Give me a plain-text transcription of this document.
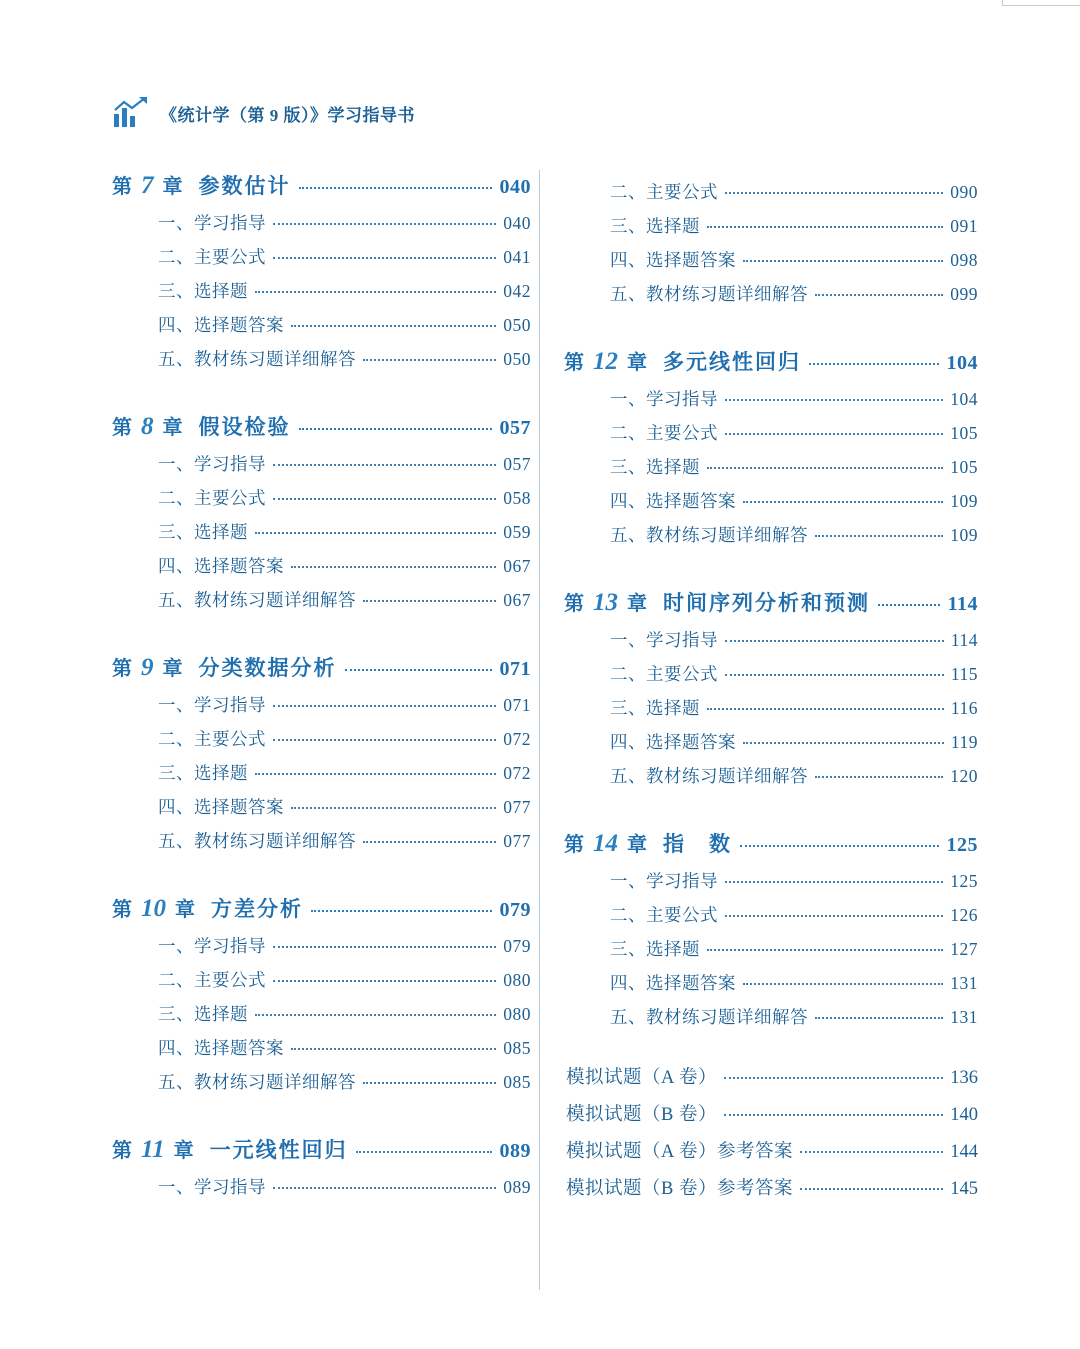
《统计学（第 9 版）》学习指导书
第 7 章 参数估计	040
一、学习指导	040
二、主要公式	041
三、选择题	042
四、选择题答案	050
五、教材练习题详细解答	050
第 8 章 假设检验	057
一、学习指导	057
二、主要公式	058
三、选择题	059
四、选择题答案	067
五、教材练习题详细解答	067
第 9 章 分类数据分析	071
一、学习指导	071
二、主要公式	072
三、选择题	072
四、选择题答案	077
五、教材练习题详细解答	077
第 10 章 方差分析	079
一、学习指导	079
二、主要公式	080
三、选择题	080
四、选择题答案	085
五、教材练习题详细解答	085
第 11 章 一元线性回归	089
一、学习指导	089
二、主要公式	090
三、选择题	091
四、选择题答案	098
五、教材练习题详细解答	099
第 12 章 多元线性回归	104
一、学习指导	104
二、主要公式	105
三、选择题	105
四、选择题答案	109
五、教材练习题详细解答	109
第 13 章 时间序列分析和预测	114
一、学习指导	114
二、主要公式	115
三、选择题	116
四、选择题答案	119
五、教材练习题详细解答	120
第 14 章 指　数	125
一、学习指导	125
二、主要公式	126
三、选择题	127
四、选择题答案	131
五、教材练习题详细解答	131
模拟试题（A 卷）	136
模拟试题（B 卷）	140
模拟试题（A 卷）参考答案	144
模拟试题（B 卷）参考答案	145
